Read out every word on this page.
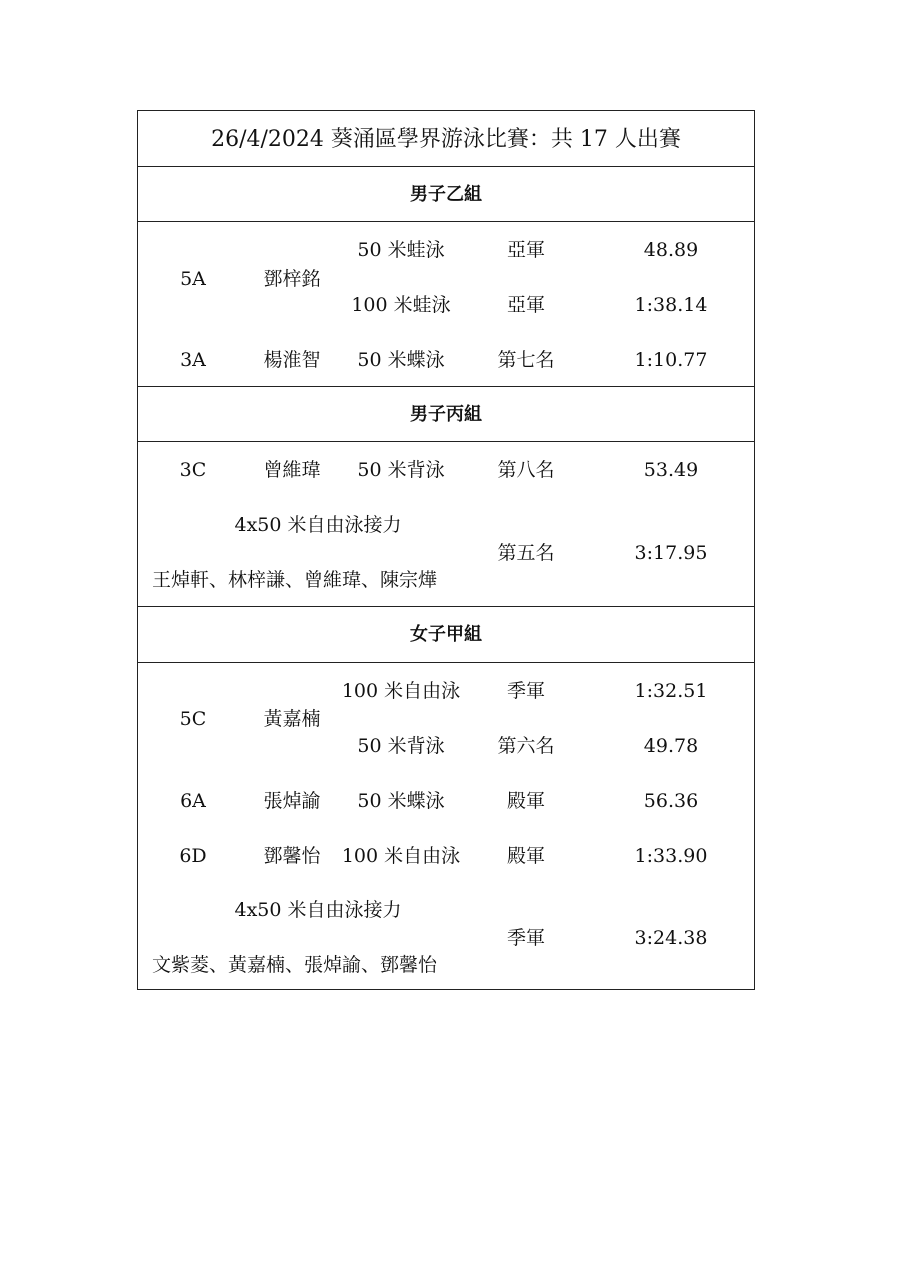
26/4/2024 葵涌區學界游泳比賽：共 17 人出賽
男子乙組
5A	鄧梓銘
50 米蛙泳	亞軍	48.89
100 米蛙泳	亞軍	1:38.14
3A	楊淮智	50 米蝶泳	第七名	1:10.77
男子丙組
3C	曾維瑋	50 米背泳	第八名	53.49
4x50 米自由泳接力
王焯軒、林梓謙、曾維瑋、陳宗燁
第五名	3:17.95
女子甲組
5C	黃嘉楠
100 米自由泳	季軍	1:32.51
50 米背泳	第六名	49.78
6A	張焯諭	50 米蝶泳	殿軍	56.36
6D	鄧馨怡	100 米自由泳	殿軍	1:33.90
4x50 米自由泳接力
文紫菱、黃嘉楠、張焯諭、鄧馨怡
季軍	3:24.38
